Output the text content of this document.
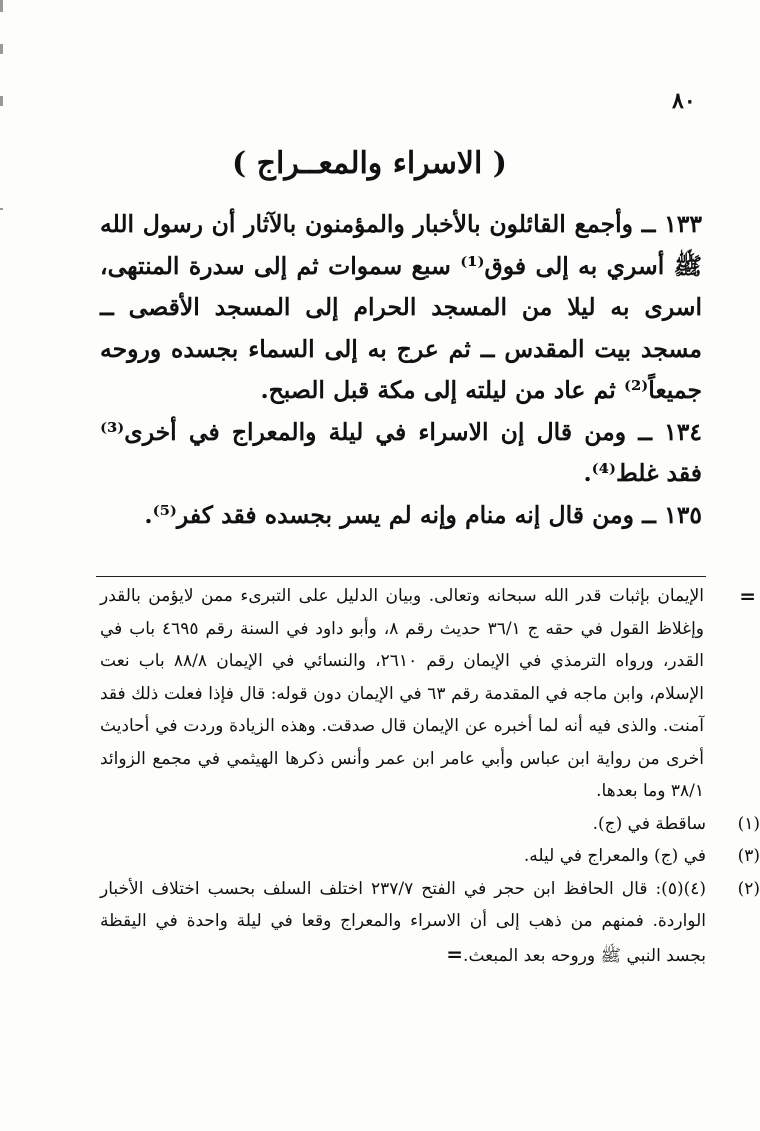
٨٠
( الاسراء والمعــراج )

١٣٣ ــ وأجمع القائلون بالأخبار والمؤمنون بالآثار أن رسول الله ﷺ أسري به إلى فوق⁽¹⁾ سبع سموات ثم إلى سدرة المنتهى، اسرى به ليلا من المسجد الحرام إلى المسجد الأقصى ــ مسجد بيت المقدس ــ ثم عرج به إلى السماء بجسده وروحه جميعاً⁽²⁾ ثم عاد من ليلته إلى مكة قبل الصبح.

١٣٤ ــ ومن قال إن الاسراء في ليلة والمعراج في أخرى⁽³⁾ فقد غلط⁽⁴⁾.

١٣٥ ــ ومن قال إنه منام وإنه لم يسر بجسده فقد كفر⁽⁵⁾.

=
الإيمان بإثبات قدر الله سبحانه وتعالى. وبيان الدليل على التبرىء ممن لايؤمن بالقدر وإغلاظ القول في حقه ج ٣٦/١ حديث رقم ٨، وأبو داود في السنة رقم ٤٦٩٥ باب في القدر، ورواه الترمذي في الإيمان رقم ٢٦١٠، والنسائي في الإيمان ٨٨/٨ باب نعت الإسلام، وابن ماجه في المقدمة رقم ٦٣ في الإيمان دون قوله: قال فإذا فعلت ذلك فقد آمنت. والذى فيه أنه لما أخبره عن الإيمان قال صدقت. وهذه الزيادة وردت في أحاديث أخرى من رواية ابن عباس وأبي عامر ابن عمر وأنس ذكرها الهيثمي في مجمع الزوائد ٣٨/١ وما بعدها.
(١)
ساقطة في (ج).
(٣)
في (ج) والمعراج في ليله.
(٢)
(٤)(٥): قال الحافظ ابن حجر في الفتح ٢٣٧/٧ اختلف السلف بحسب اختلاف الأخبار الواردة. فمنهم من ذهب إلى أن الاسراء والمعراج وقعا في ليلة واحدة في اليقظة بجسد النبي ﷺ وروحه بعد المبعث.=
